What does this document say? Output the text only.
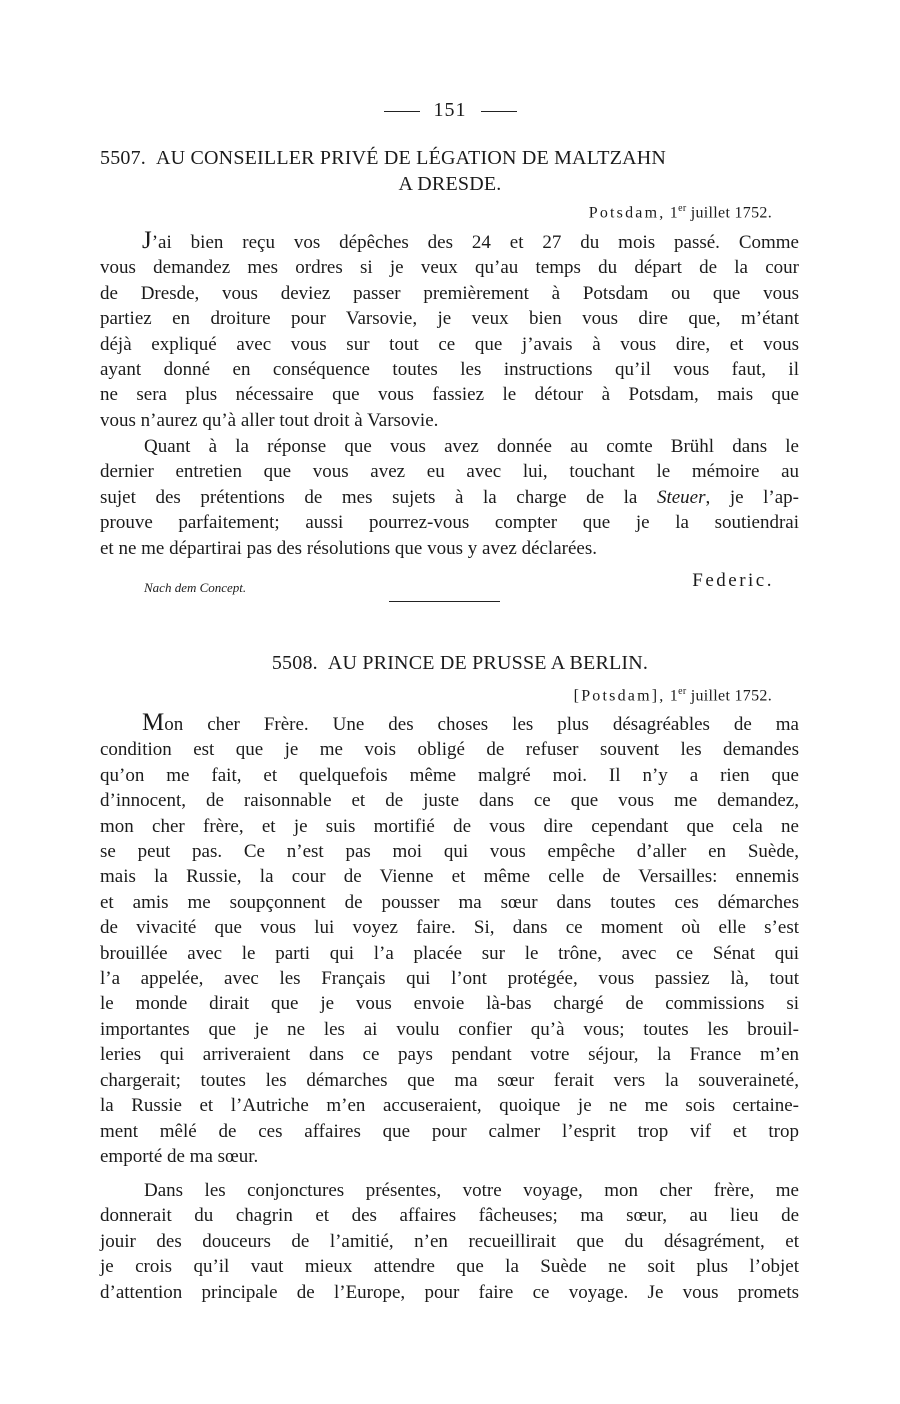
151
5507. AU CONSEILLER PRIVÉ DE LÉGATION DE MALTZAHN
A DRESDE.
Potsdam, 1er juillet 1752.
J’ai bien reçu vos dépêches des 24 et 27 du mois passé. Comme
vous demandez mes ordres si je veux qu’au temps du départ de la cour
de Dresde, vous deviez passer premièrement à Potsdam ou que vous
partiez en droiture pour Varsovie, je veux bien vous dire que, m’étant
déjà expliqué avec vous sur tout ce que j’avais à vous dire, et vous
ayant donné en conséquence toutes les instructions qu’il vous faut, il
ne sera plus nécessaire que vous fassiez le détour à Potsdam, mais que
vous n’aurez qu’à aller tout droit à Varsovie.
Quant à la réponse que vous avez donnée au comte Brühl dans le
dernier entretien que vous avez eu avec lui, touchant le mémoire au
sujet des prétentions de mes sujets à la charge de la Steuer, je l’ap-
prouve parfaitement; aussi pourrez-vous compter que je la soutiendrai
et ne me départirai pas des résolutions que vous y avez déclarées.
Nach dem Concept.	Federic.
5508. AU PRINCE DE PRUSSE A BERLIN.
[Potsdam], 1er juillet 1752.
Mon cher Frère. Une des choses les plus désagréables de ma
condition est que je me vois obligé de refuser souvent les demandes
qu’on me fait, et quelquefois même malgré moi. Il n’y a rien que
d’innocent, de raisonnable et de juste dans ce que vous me demandez,
mon cher frère, et je suis mortifié de vous dire cependant que cela ne
se peut pas. Ce n’est pas moi qui vous empêche d’aller en Suède,
mais la Russie, la cour de Vienne et même celle de Versailles: ennemis
et amis me soupçonnent de pousser ma sœur dans toutes ces démarches
de vivacité que vous lui voyez faire. Si, dans ce moment où elle s’est
brouillée avec le parti qui l’a placée sur le trône, avec ce Sénat qui
l’a appelée, avec les Français qui l’ont protégée, vous passiez là, tout
le monde dirait que je vous envoie là-bas chargé de commissions si
importantes que je ne les ai voulu confier qu’à vous; toutes les brouil-
leries qui arriveraient dans ce pays pendant votre séjour, la France m’en
chargerait; toutes les démarches que ma sœur ferait vers la souveraineté,
la Russie et l’Autriche m’en accuseraient, quoique je ne me sois certaine-
ment mêlé de ces affaires que pour calmer l’esprit trop vif et trop
emporté de ma sœur.
Dans les conjonctures présentes, votre voyage, mon cher frère, me
donnerait du chagrin et des affaires fâcheuses; ma sœur, au lieu de
jouir des douceurs de l’amitié, n’en recueillirait que du désagrément, et
je crois qu’il vaut mieux attendre que la Suède ne soit plus l’objet
d’attention principale de l’Europe, pour faire ce voyage. Je vous promets
